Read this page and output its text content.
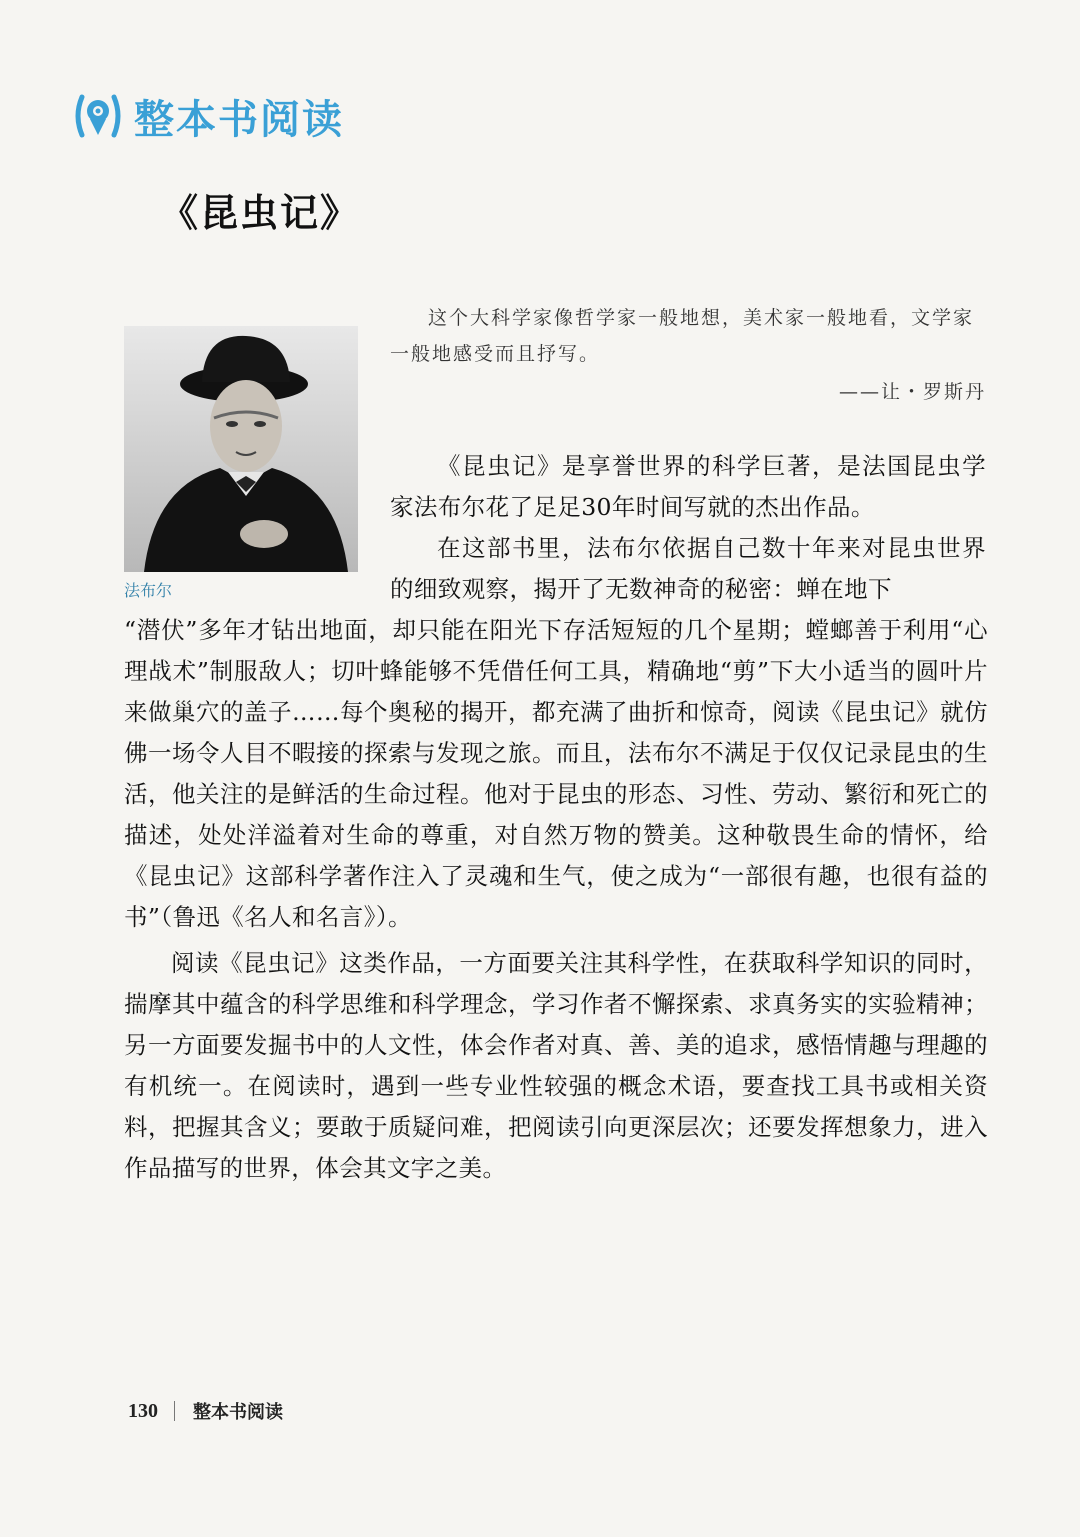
整本书阅读
《昆虫记》

这个大科学家像哲学家一般地想，美术家一般地看，文学家一般地感受而且抒写。

——让・罗斯丹
法布尔

《昆虫记》是享誉世界的科学巨著，是法国昆虫学家法布尔花了足足30年时间写就的杰出作品。

在这部书里，法布尔依据自己数十年来对昆虫世界的细致观察，揭开了无数神奇的秘密：蝉在地下

“潜伏”多年才钻出地面，却只能在阳光下存活短短的几个星期；螳螂善于利用“心理战术”制服敌人；切叶蜂能够不凭借任何工具，精确地“剪”下大小适当的圆叶片来做巢穴的盖子……每个奥秘的揭开，都充满了曲折和惊奇，阅读《昆虫记》就仿佛一场令人目不暇接的探索与发现之旅。而且，法布尔不满足于仅仅记录昆虫的生活，他关注的是鲜活的生命过程。他对于昆虫的形态、习性、劳动、繁衍和死亡的描述，处处洋溢着对生命的尊重，对自然万物的赞美。这种敬畏生命的情怀，给《昆虫记》这部科学著作注入了灵魂和生气，使之成为“一部很有趣，也很有益的书”（鲁迅《名人和名言》）。

阅读《昆虫记》这类作品，一方面要关注其科学性，在获取科学知识的同时，揣摩其中蕴含的科学思维和科学理念，学习作者不懈探索、求真务实的实验精神；另一方面要发掘书中的人文性，体会作者对真、善、美的追求，感悟情趣与理趣的有机统一。在阅读时，遇到一些专业性较强的概念术语，要查找工具书或相关资料，把握其含义；要敢于质疑问难，把阅读引向更深层次；还要发挥想象力，进入作品描写的世界，体会其文字之美。

130 整本书阅读
